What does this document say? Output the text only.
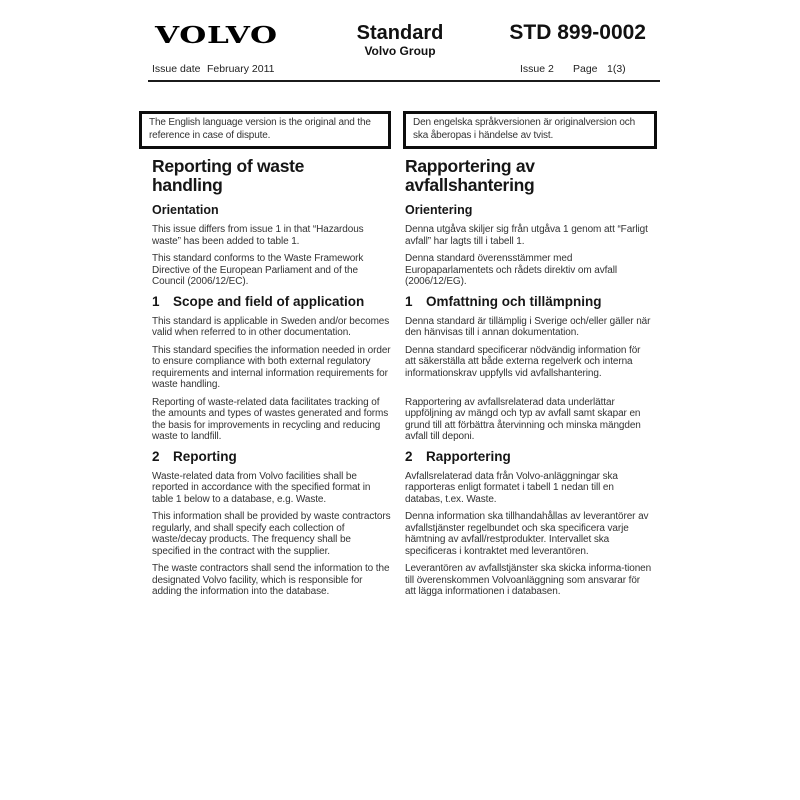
VOLVO	Standard
Volvo Group
STD 899-0002
Issue date February 2011	Issue 2 Page 1(3)
The English language version is the original and the reference in case of dispute.
Den engelska språkversionen är originalversion och ska åberopas i händelse av tvist.
Reporting of waste handling
Rapportering av avfallshantering
Orientation	Orientering
This issue differs from issue 1 in that “Hazardous waste” has been added to table 1.
Denna utgåva skiljer sig från utgåva 1 genom att “Farligt avfall” har lagts till i tabell 1.
This standard conforms to the Waste Framework Directive of the European Parliament and of the Council (2006/12/EC).
Denna standard överensstämmer med Europaparlamentets och rådets direktiv om avfall (2006/12/EG).
1 Scope and field of application	1 Omfattning och tillämpning
This standard is applicable in Sweden and/or becomes valid when referred to in other documentation.
Denna standard är tillämplig i Sverige och/eller gäller när den hänvisas till i annan dokumentation.
This standard specifies the information needed in order to ensure compliance with both external regulatory requirements and internal information requirements for waste handling.
Denna standard specificerar nödvändig information för att säkerställa att både externa regelverk och interna informationskrav uppfylls vid avfallshantering.
Reporting of waste-related data facilitates tracking of the amounts and types of wastes generated and forms the basis for improvements in recycling and reducing waste to landfill.
Rapportering av avfallsrelaterad data underlättar uppföljning av mängd och typ av avfall samt skapar en grund till att förbättra återvinning och minska mängden avfall till deponi.
2 Reporting	2 Rapportering
Waste-related data from Volvo facilities shall be reported in accordance with the specified format in table 1 below to a database, e.g. Waste.
Avfallsrelaterad data från Volvo-anläggningar ska rapporteras enligt formatet i tabell 1 nedan till en databas, t.ex. Waste.
This information shall be provided by waste contractors regularly, and shall specify each collection of waste/decay products. The frequency shall be specified in the contract with the supplier.
Denna information ska tillhandahållas av leverantörer av avfallstjänster regelbundet och ska specificera varje hämtning av avfall/restprodukter. Intervallet ska specificeras i kontraktet med leverantören.
The waste contractors shall send the information to the designated Volvo facility, which is responsible for adding the information into the database.
Leverantören av avfallstjänster ska skicka informa-tionen till överenskommen Volvoanläggning som ansvarar för att lägga informationen i databasen.
